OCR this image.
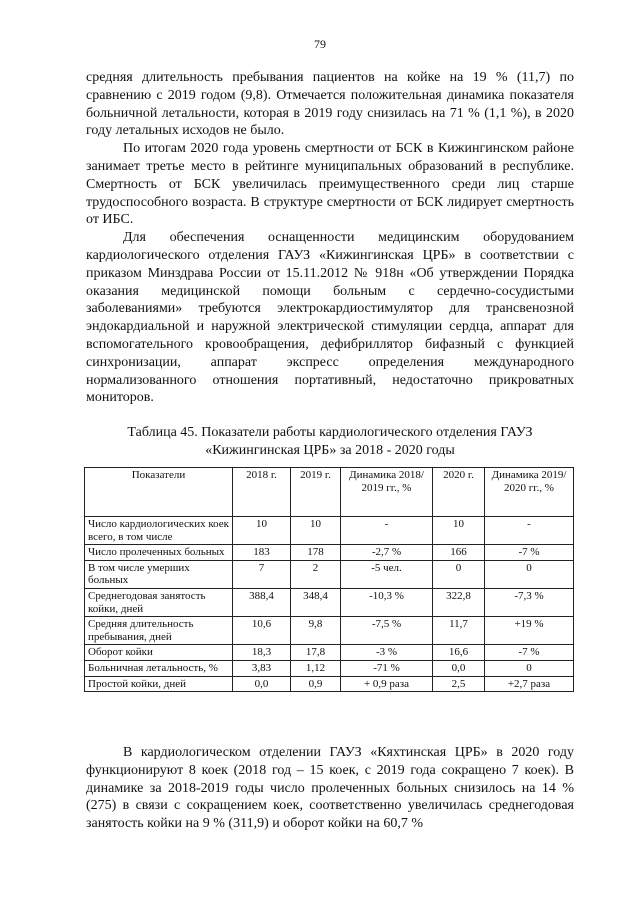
79

средняя длительность пребывания пациентов на койке на 19 % (11,7) по сравнению с 2019 годом (9,8). Отмечается положительная динамика показателя больничной летальности, которая в 2019 году снизилась на 71 % (1,1 %), в 2020 году летальных исходов не было.

По итогам 2020 года уровень смертности от БСК в Кижингинском районе занимает третье место в рейтинге муниципальных образований в республике. Смертность от БСК увеличилась преимущественного среди лиц старше трудоспособного возраста. В структуре смертности от БСК лидирует смертность от ИБС.

Для обеспечения оснащенности медицинским оборудованием кардиологического отделения ГАУЗ «Кижингинская ЦРБ» в соответствии с приказом Минздрава России от 15.11.2012 № 918н «Об утверждении Порядка оказания медицинской помощи больным с сердечно-сосудистыми заболеваниями» требуются электрокардиостимулятор для трансвенозной эндокардиальной и наружной электрической стимуляции сердца, аппарат для вспомогательного кровообращения, дефибриллятор бифазный с функцией синхронизации, аппарат экспресс определения международного нормализованного отношения портативный, недостаточно прикроватных мониторов.

Таблица 45. Показатели работы кардиологического отделения ГАУЗ
«Кижингинская ЦРБ» за 2018 - 2020 годы
Показатели	2018 г.	2019 г.	Динамика 2018/ 2019 гг., %	2020 г.	Динамика 2019/ 2020 гг., %
Число кардиологических коек всего, в том числе	10	10	-	10	-
Число пролеченных больных	183	178	-2,7 %	166	-7 %
В том числе умерших больных	7	2	-5 чел.	0	0
Среднегодовая занятость койки, дней	388,4	348,4	-10,3 %	322,8	-7,3 %
Средняя длительность пребывания, дней	10,6	9,8	-7,5 %	11,7	+19 %
Оборот койки	18,3	17,8	-3 %	16,6	-7 %
Больничная летальность, %	3,83	1,12	-71 %	0,0	0
Простой койки, дней	0,0	0,9	+ 0,9 раза	2,5	+2,7 раза

В кардиологическом отделении ГАУЗ «Кяхтинская ЦРБ» в 2020 году функционируют 8 коек (2018 год – 15 коек, с 2019 года сокращено 7 коек). В динамике за 2018-2019 годы число пролеченных больных снизилось на 14 % (275) в связи с сокращением коек, соответственно увеличилась среднегодовая занятость койки на 9 % (311,9) и оборот койки на 60,7 %
